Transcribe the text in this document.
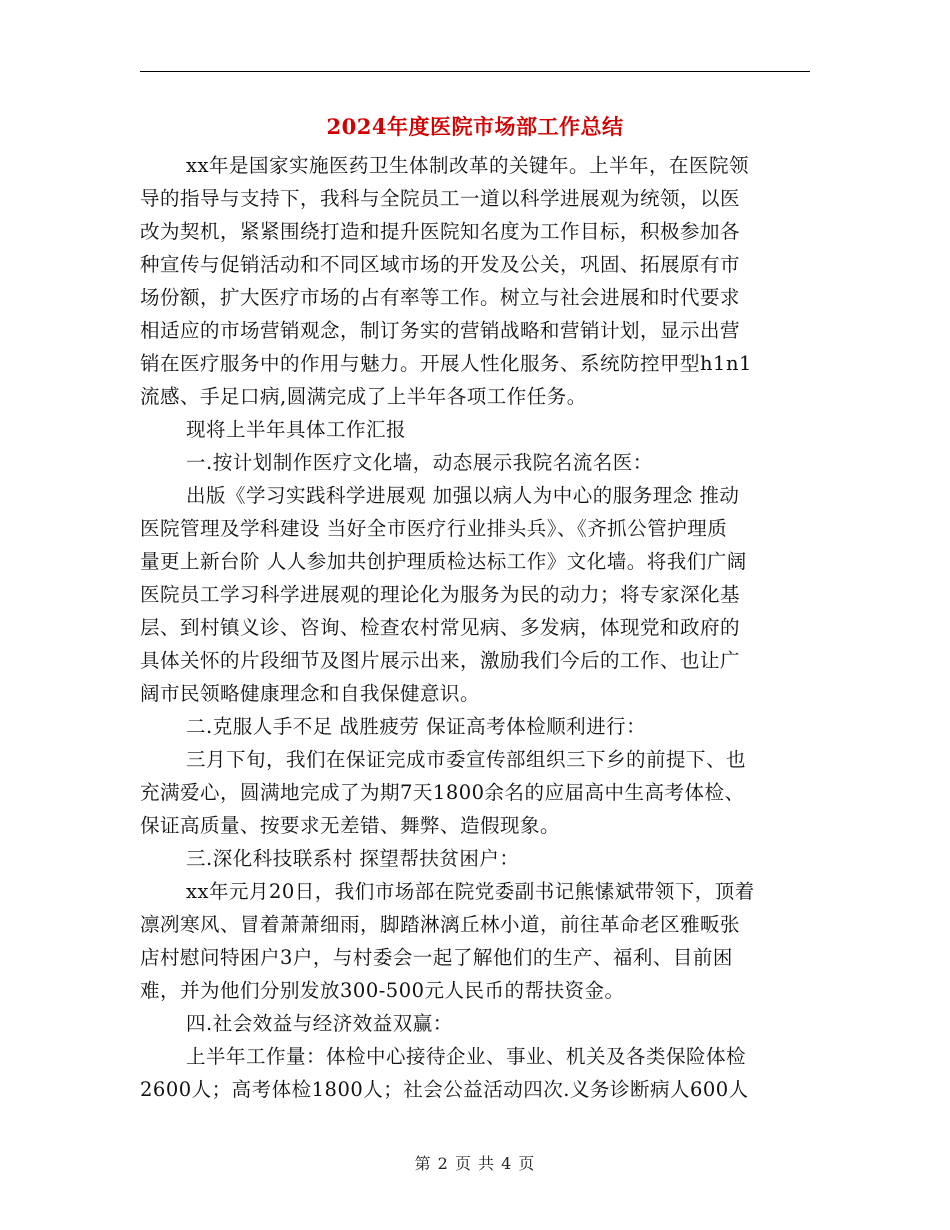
2024年度医院市场部工作总结
xx年是国家实施医药卫生体制改革的关键年。上半年，在医院领
导的指导与支持下，我科与全院员工一道以科学进展观为统领，以医
改为契机，紧紧围绕打造和提升医院知名度为工作目标，积极参加各
种宣传与促销活动和不同区域市场的开发及公关，巩固、拓展原有市
场份额，扩大医疗市场的占有率等工作。树立与社会进展和时代要求
相适应的市场营销观念，制订务实的营销战略和营销计划，显示出营
销在医疗服务中的作用与魅力。开展人性化服务、系统防控甲型h1n1
流感、手足口病,圆满完成了上半年各项工作任务。
现将上半年具体工作汇报
一.按计划制作医疗文化墙，动态展示我院名流名医：
出版《学习实践科学进展观 加强以病人为中心的服务理念 推动
医院管理及学科建设 当好全市医疗行业排头兵》、《齐抓公管护理质
量更上新台阶 人人参加共创护理质检达标工作》文化墙。将我们广阔
医院员工学习科学进展观的理论化为服务为民的动力；将专家深化基
层、到村镇义诊、咨询、检查农村常见病、多发病，体现党和政府的
具体关怀的片段细节及图片展示出来，激励我们今后的工作、也让广
阔市民领略健康理念和自我保健意识。
二.克服人手不足 战胜疲劳 保证高考体检顺利进行：
三月下旬，我们在保证完成市委宣传部组织三下乡的前提下、也
充满爱心，圆满地完成了为期7天1800余名的应届高中生高考体检、
保证高质量、按要求无差错、舞弊、造假现象。
三.深化科技联系村 探望帮扶贫困户：
xx年元月20日，我们市场部在院党委副书记熊愫斌带领下，顶着
凛冽寒风、冒着萧萧细雨，脚踏淋漓丘林小道，前往革命老区雅畈张
店村慰问特困户3户，与村委会一起了解他们的生产、福利、目前困
难，并为他们分别发放300-500元人民币的帮扶资金。
四.社会效益与经济效益双赢：
上半年工作量：体检中心接待企业、事业、机关及各类保险体检
2600人；高考体检1800人；社会公益活动四次.义务诊断病人600人
第 2 页 共 4 页
